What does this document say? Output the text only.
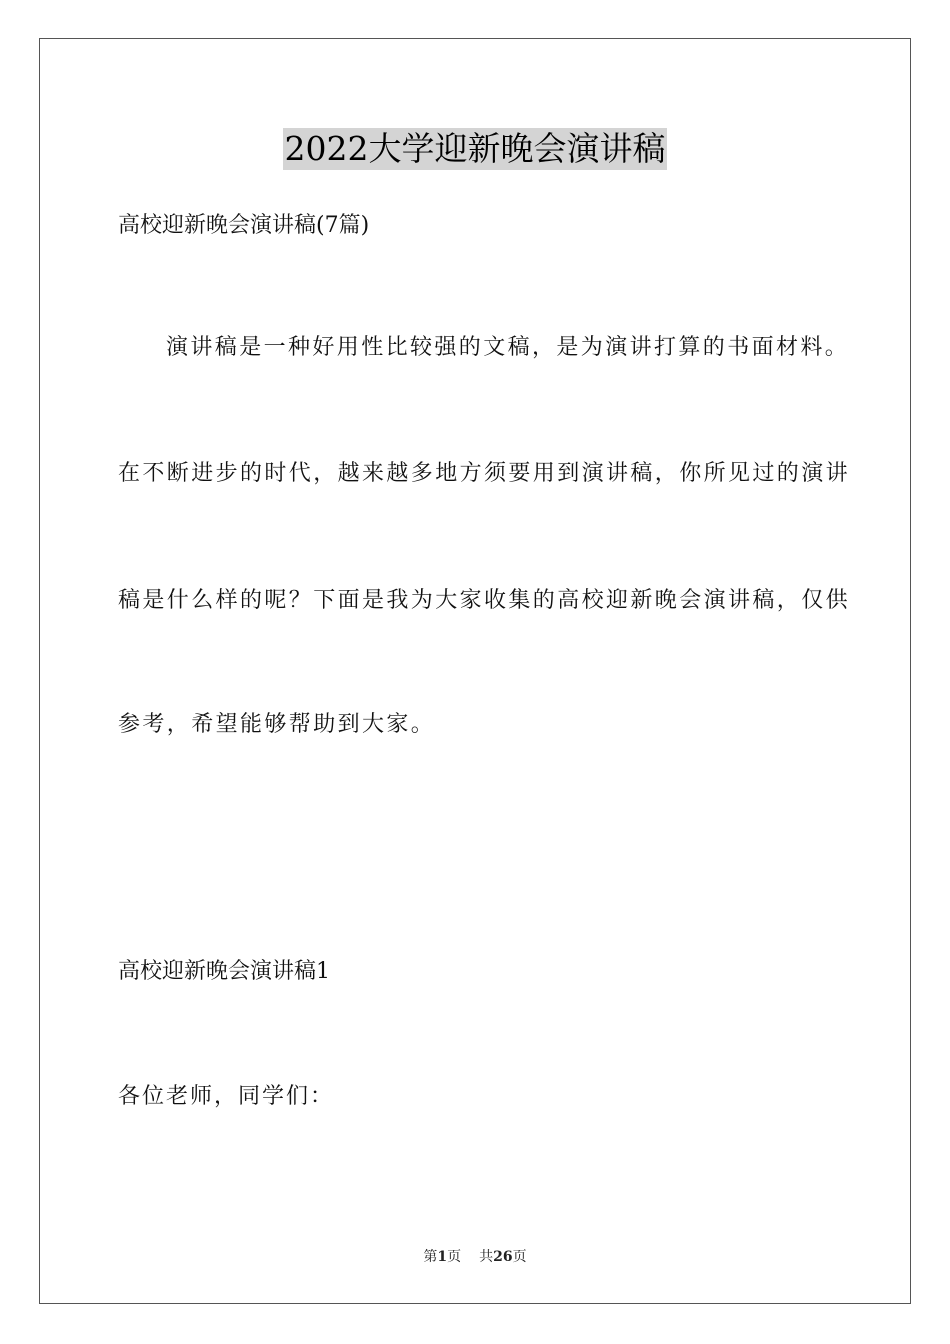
2022大学迎新晚会演讲稿
高校迎新晚会演讲稿(7篇)
演讲稿是一种好用性比较强的文稿，是为演讲打算的书面材料。
在不断进步的时代，越来越多地方须要用到演讲稿，你所见过的演讲
稿是什么样的呢？下面是我为大家收集的高校迎新晚会演讲稿，仅供
参考，希望能够帮助到大家。
高校迎新晚会演讲稿1
各位老师，同学们：
第1页 共26页
